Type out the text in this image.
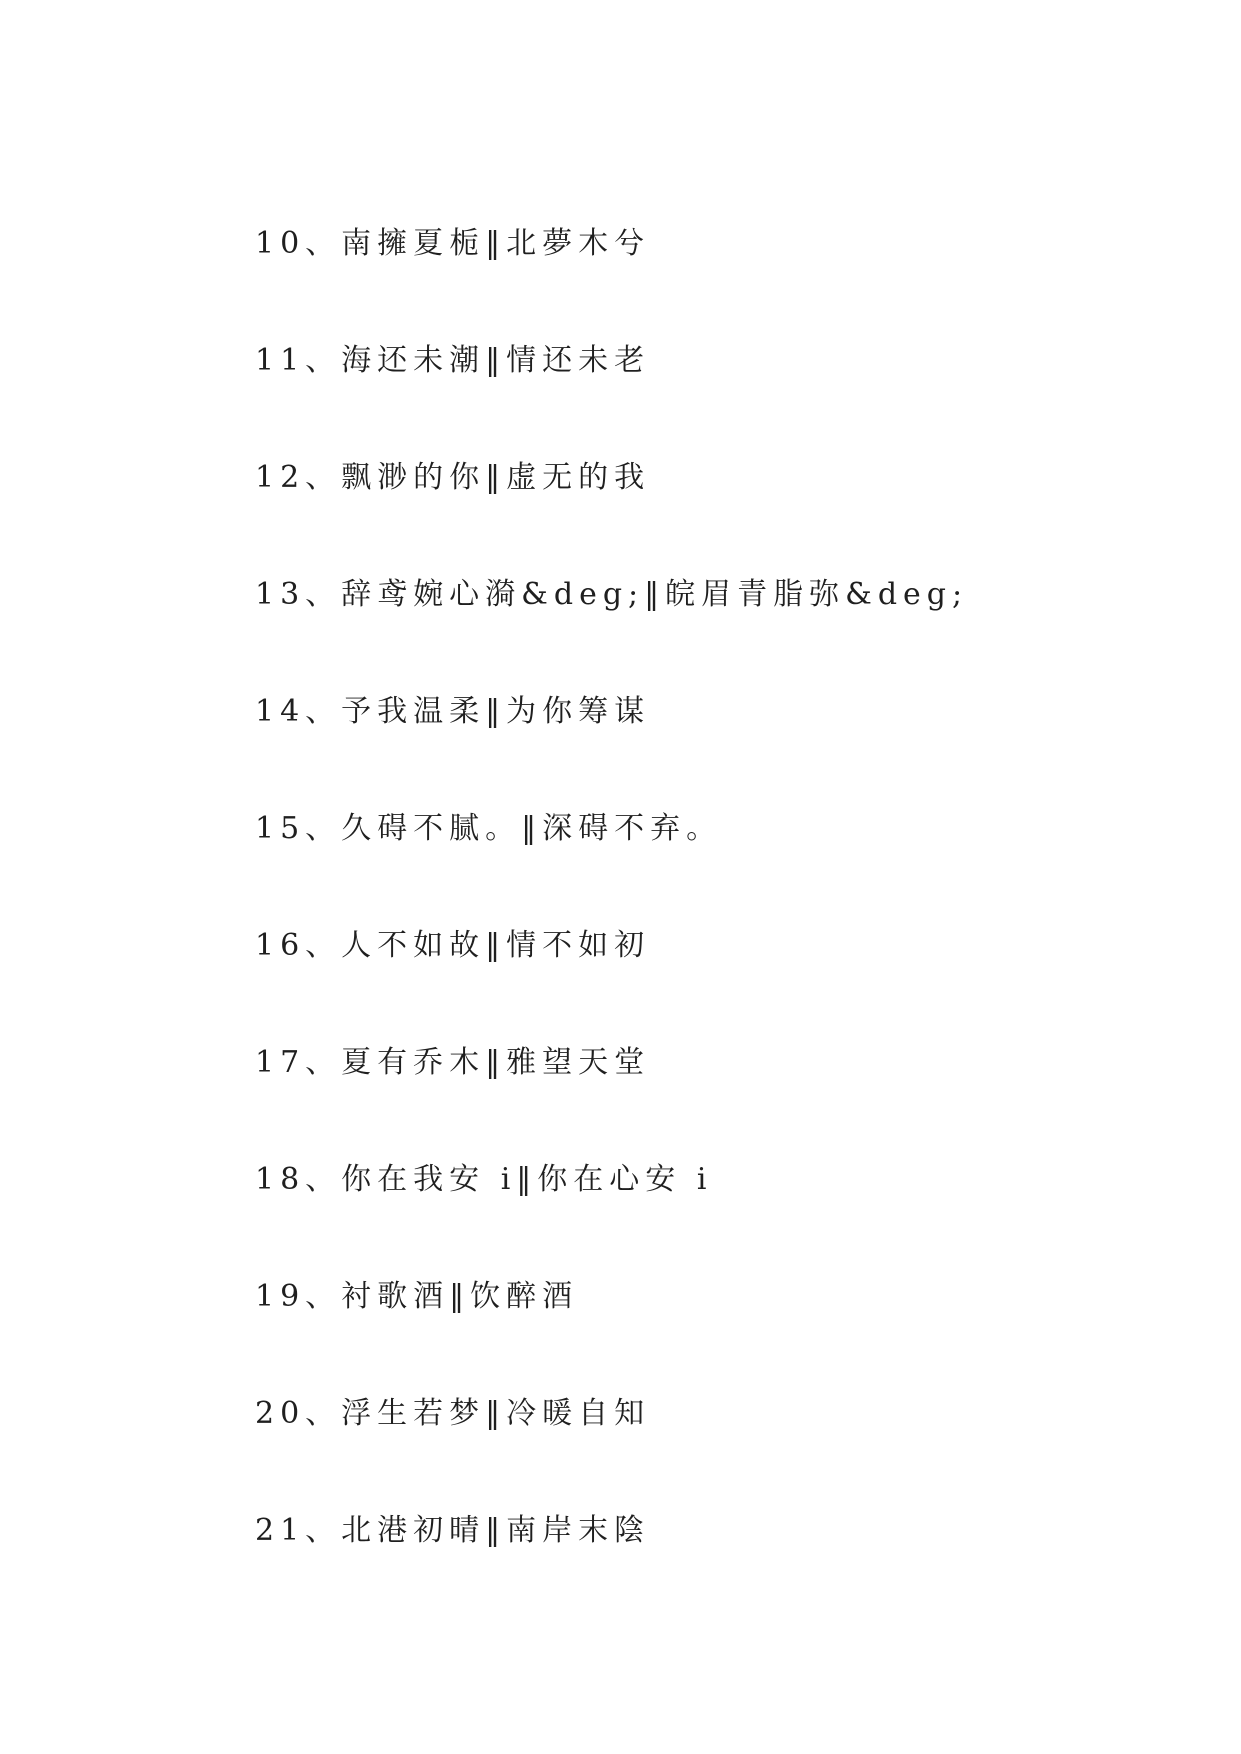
10、南擁夏栀‖北夢木兮
11、海还未潮‖情还未老
12、飘渺的你‖虚无的我
13、辞鸢婉心漪&deg;‖皖眉青脂弥&deg;
14、予我温柔‖为你筹谋
15、久碍不腻。‖深碍不弃。
16、人不如故‖情不如初
17、夏有乔木‖雅望天堂
18、你在我安 i‖你在心安 i
19、衬歌酒‖饮醉酒
20、浮生若梦‖冷暖自知
21、北港初晴‖南岸末陰
